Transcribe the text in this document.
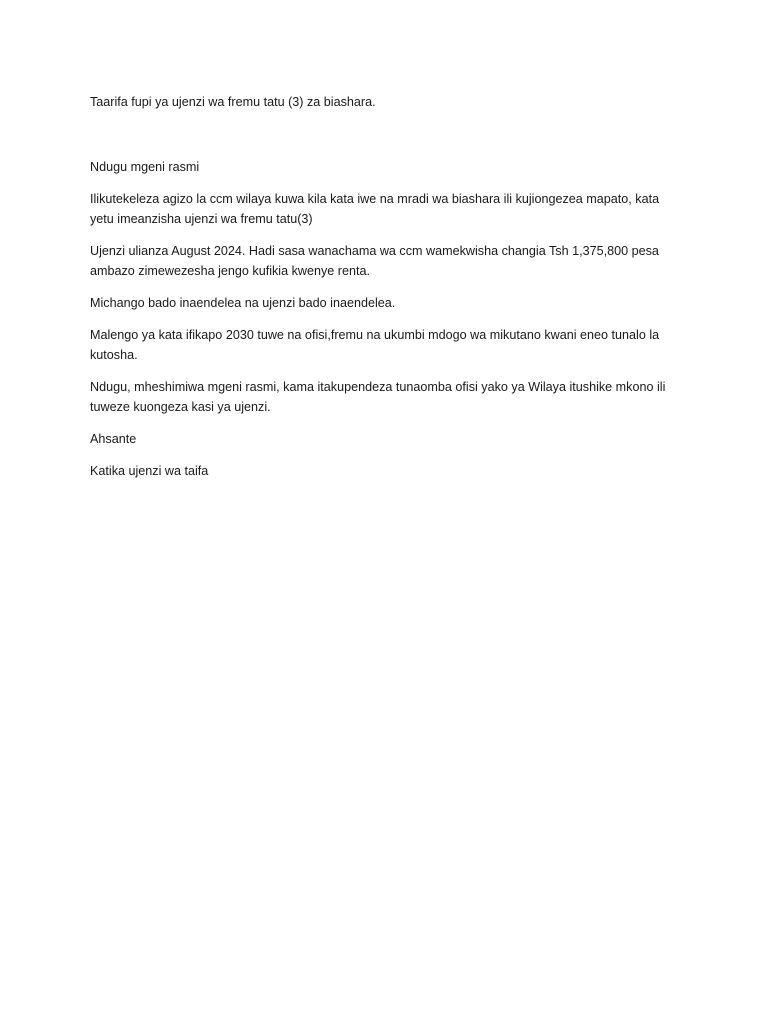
Taarifa fupi ya ujenzi wa fremu tatu (3) za biashara.

Ndugu mgeni rasmi

Ilikutekeleza agizo la ccm wilaya kuwa kila kata iwe na mradi wa biashara ili kujiongezea mapato, kata yetu imeanzisha ujenzi wa fremu tatu(3)

Ujenzi ulianza August 2024. Hadi sasa wanachama wa ccm wamekwisha changia Tsh 1,375,800 pesa ambazo zimewezesha jengo kufikia kwenye renta.

Michango bado inaendelea na ujenzi bado inaendelea.

Malengo ya kata ifikapo 2030 tuwe na ofisi,fremu na ukumbi mdogo wa mikutano kwani eneo tunalo la kutosha.

Ndugu, mheshimiwa mgeni rasmi, kama itakupendeza tunaomba ofisi yako ya Wilaya itushike mkono ili tuweze kuongeza kasi ya ujenzi.

Ahsante

Katika ujenzi wa taifa
